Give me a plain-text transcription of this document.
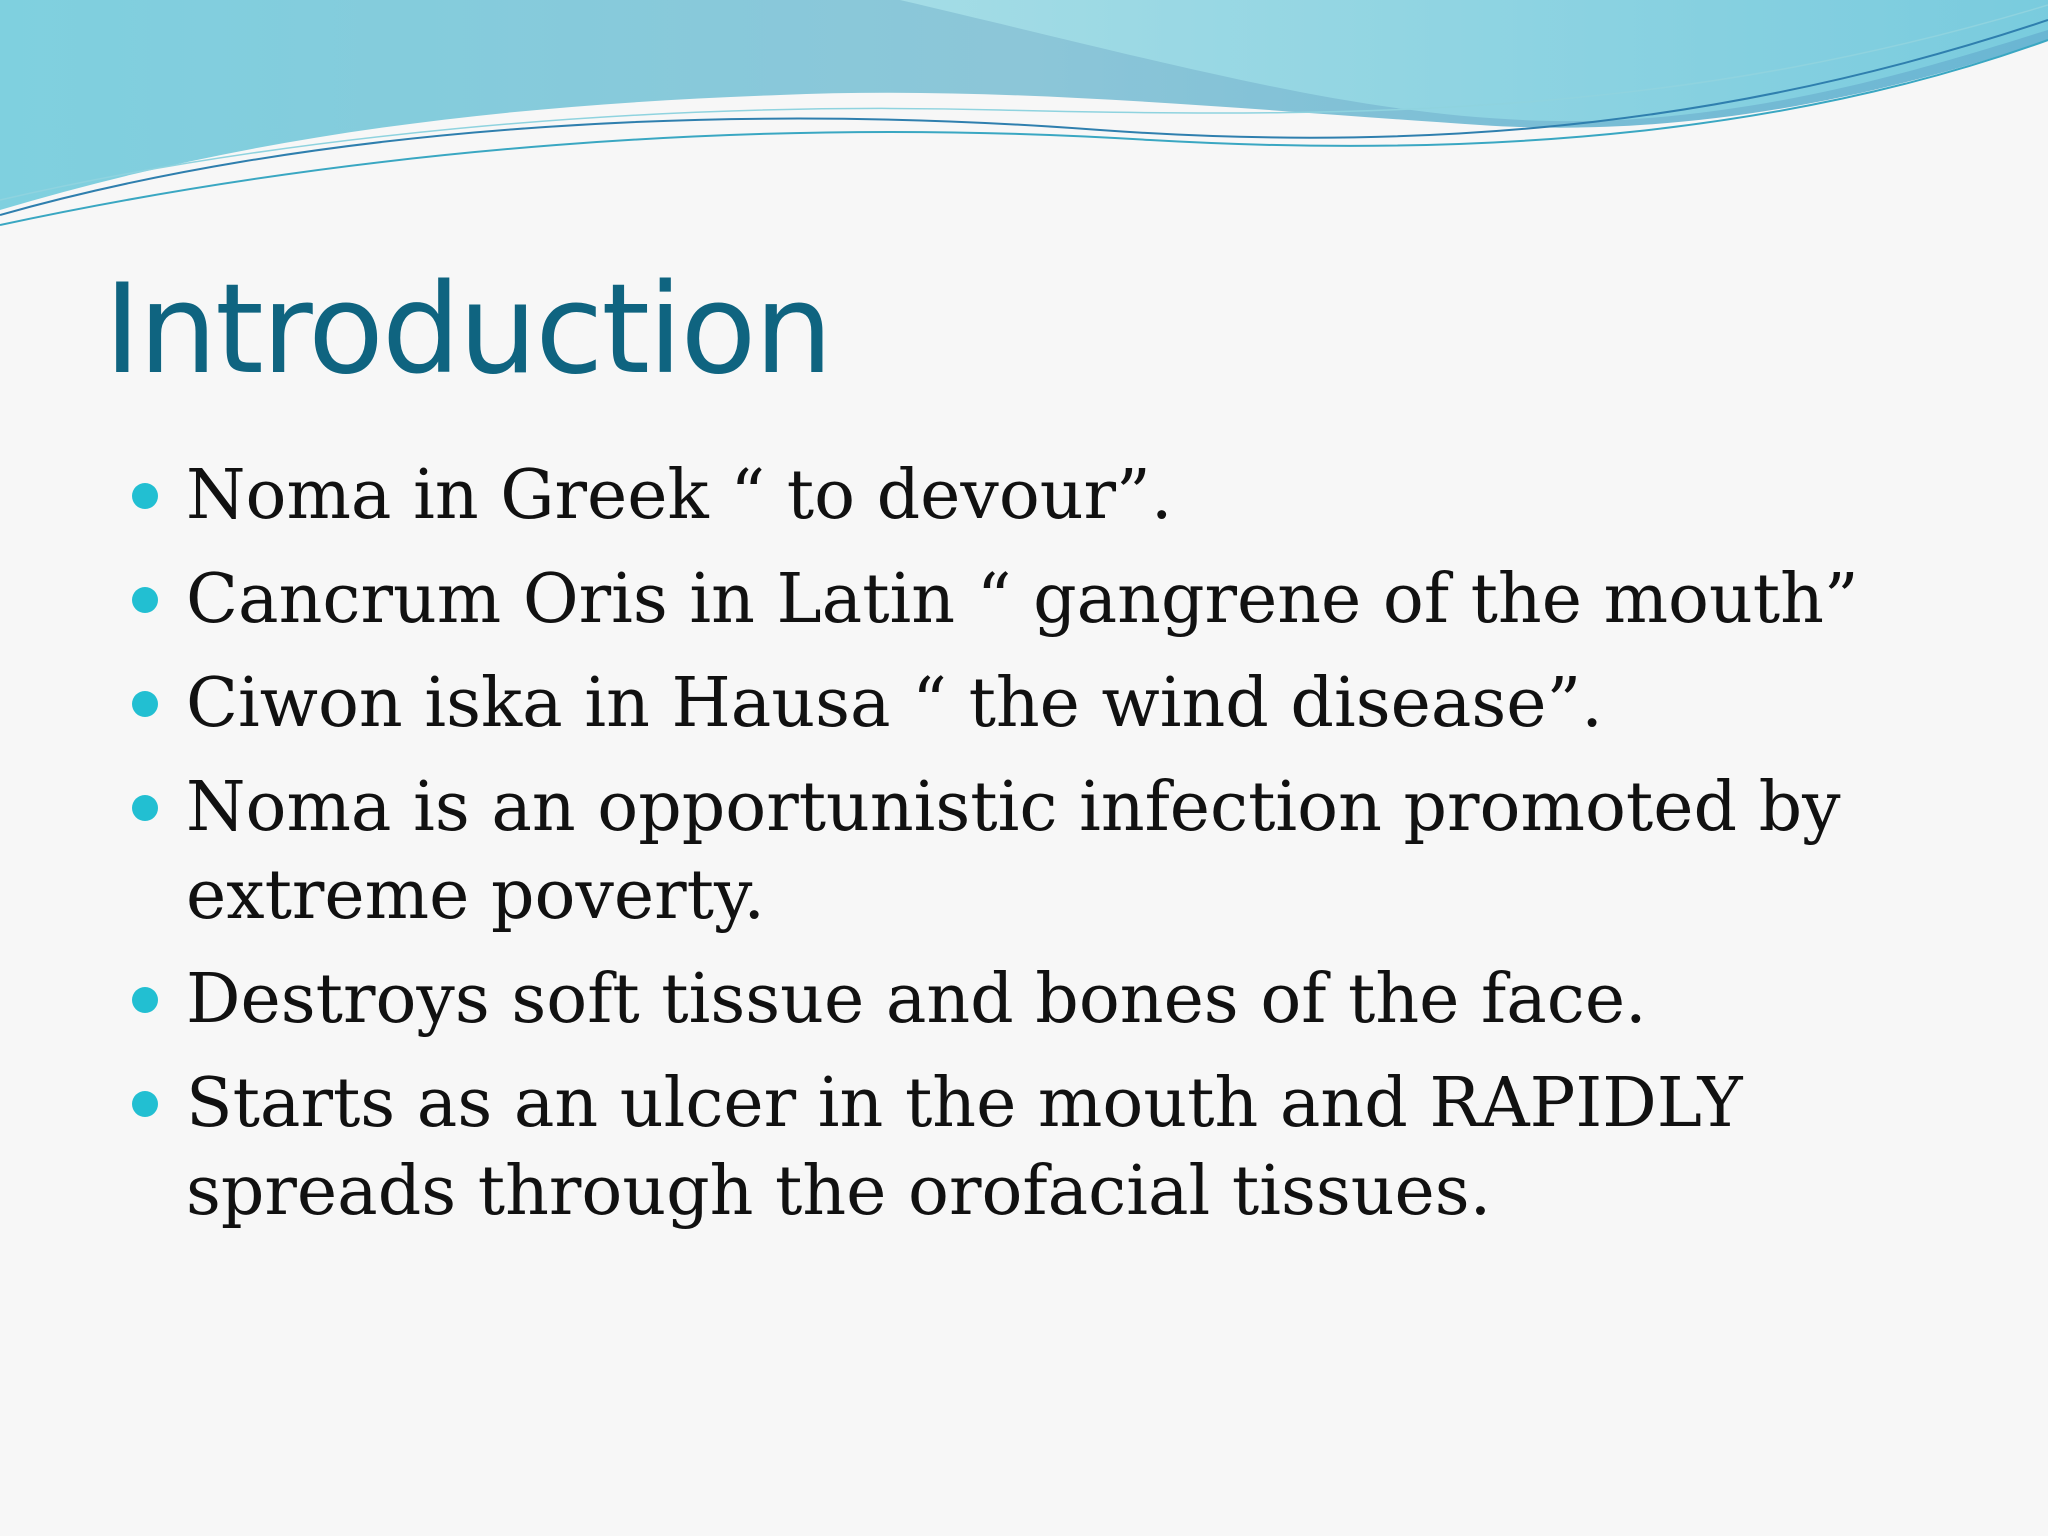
Introduction
Noma in Greek “ to devour”.
Cancrum Oris in Latin “ gangrene of the mouth”
Ciwon iska in Hausa “ the wind disease”.
Noma is an opportunistic infection promoted by extreme poverty.
Destroys soft tissue and bones of the face.
Starts as an ulcer in the mouth and RAPIDLY spreads through the orofacial tissues.
